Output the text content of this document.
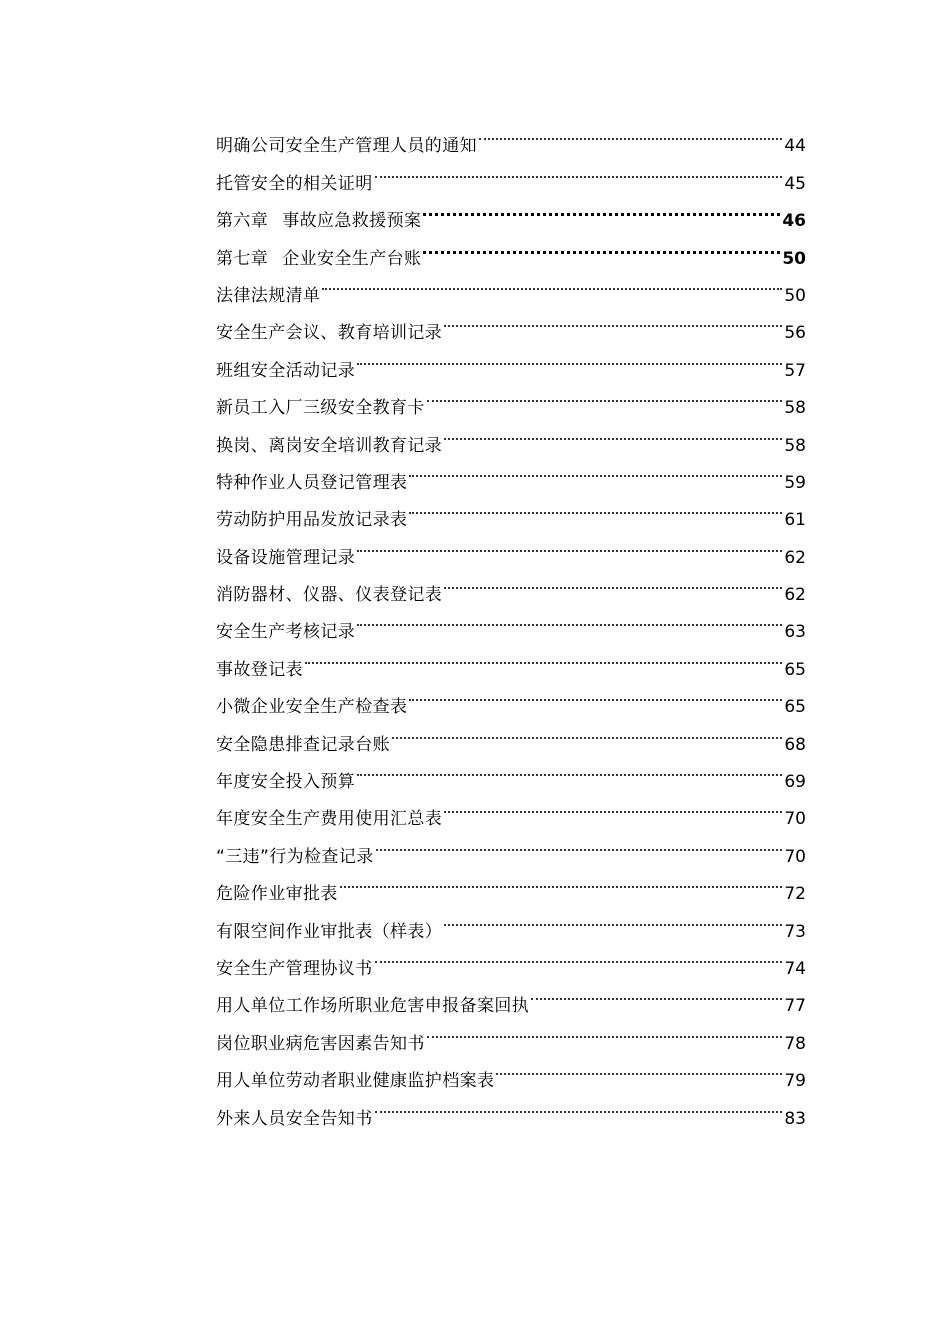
明确公司安全生产管理人员的通知	44
托管安全的相关证明	45
第六章 事故应急救援预案	46
第七章 企业安全生产台账	50
法律法规清单	50
安全生产会议、教育培训记录	56
班组安全活动记录	57
新员工入厂三级安全教育卡	58
换岗、离岗安全培训教育记录	58
特种作业人员登记管理表	59
劳动防护用品发放记录表	61
设备设施管理记录	62
消防器材、仪器、仪表登记表	62
安全生产考核记录	63
事故登记表	65
小微企业安全生产检查表	65
安全隐患排查记录台账	68
年度安全投入预算	69
年度安全生产费用使用汇总表	70
“三违”行为检查记录	70
危险作业审批表	72
有限空间作业审批表（样表）	73
安全生产管理协议书	74
用人单位工作场所职业危害申报备案回执	77
岗位职业病危害因素告知书	78
用人单位劳动者职业健康监护档案表	79
外来人员安全告知书	83
